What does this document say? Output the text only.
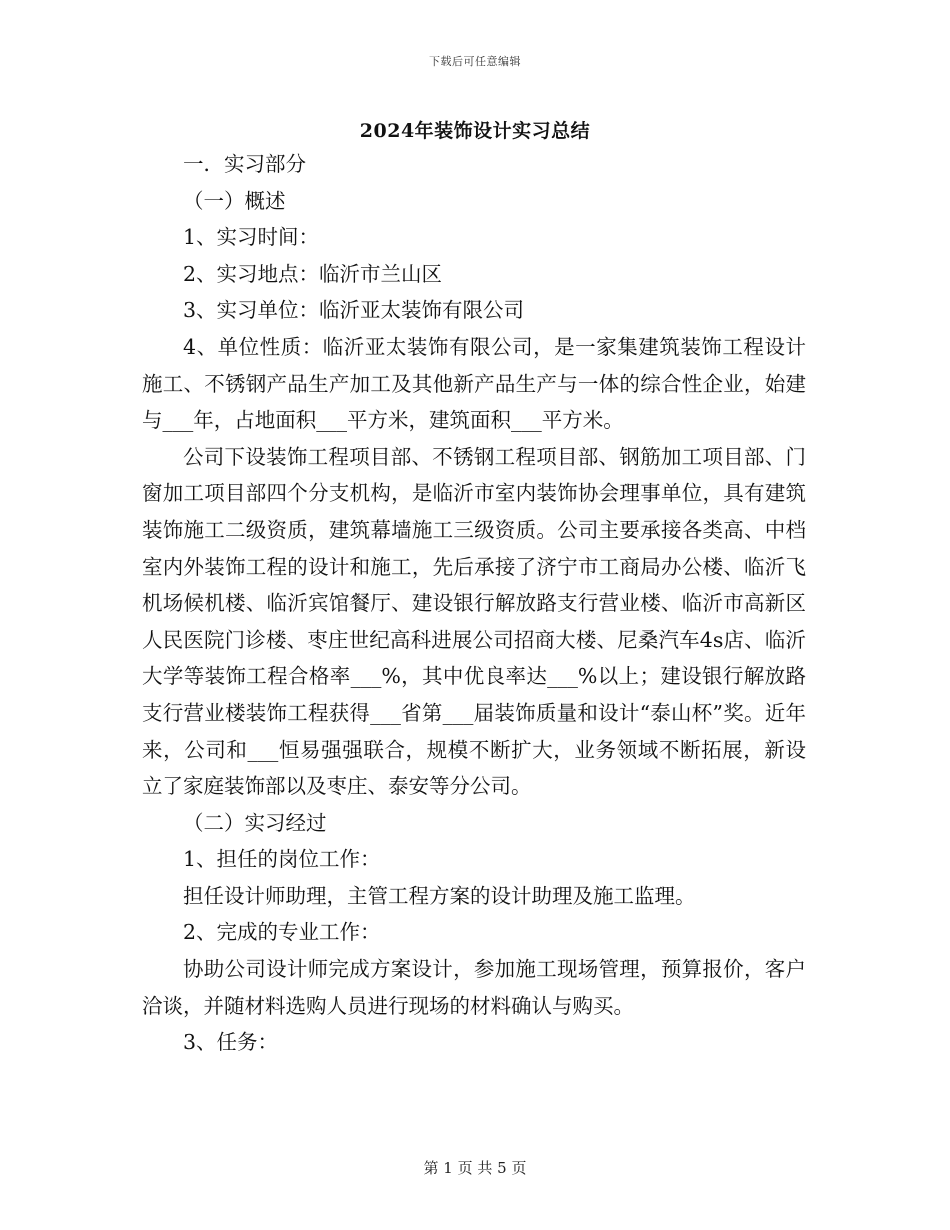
下载后可任意编辑
2024年装饰设计实习总结

一．实习部分

（一）概述

1、实习时间：

2、实习地点：临沂市兰山区

3、实习单位：临沂亚太装饰有限公司

4、单位性质：临沂亚太装饰有限公司，是一家集建筑装饰工程设计施工、不锈钢产品生产加工及其他新产品生产与一体的综合性企业，始建与___年，占地面积___平方米，建筑面积___平方米。

公司下设装饰工程项目部、不锈钢工程项目部、钢筋加工项目部、门窗加工项目部四个分支机构，是临沂市室内装饰协会理事单位，具有建筑装饰施工二级资质，建筑幕墙施工三级资质。公司主要承接各类高、中档室内外装饰工程的设计和施工，先后承接了济宁市工商局办公楼、临沂飞机场候机楼、临沂宾馆餐厅、建设银行解放路支行营业楼、临沂市高新区人民医院门诊楼、枣庄世纪高科进展公司招商大楼、尼桑汽车4s店、临沂大学等装饰工程合格率___%，其中优良率达___%以上；建设银行解放路支行营业楼装饰工程获得___省第___届装饰质量和设计“泰山杯”奖。近年来，公司和___恒易强强联合，规模不断扩大，业务领域不断拓展，新设立了家庭装饰部以及枣庄、泰安等分公司。

（二）实习经过

1、担任的岗位工作：

担任设计师助理，主管工程方案的设计助理及施工监理。

2、完成的专业工作：

协助公司设计师完成方案设计，参加施工现场管理，预算报价，客户洽谈，并随材料选购人员进行现场的材料确认与购买。

3、任务：

第 1 页 共 5 页
